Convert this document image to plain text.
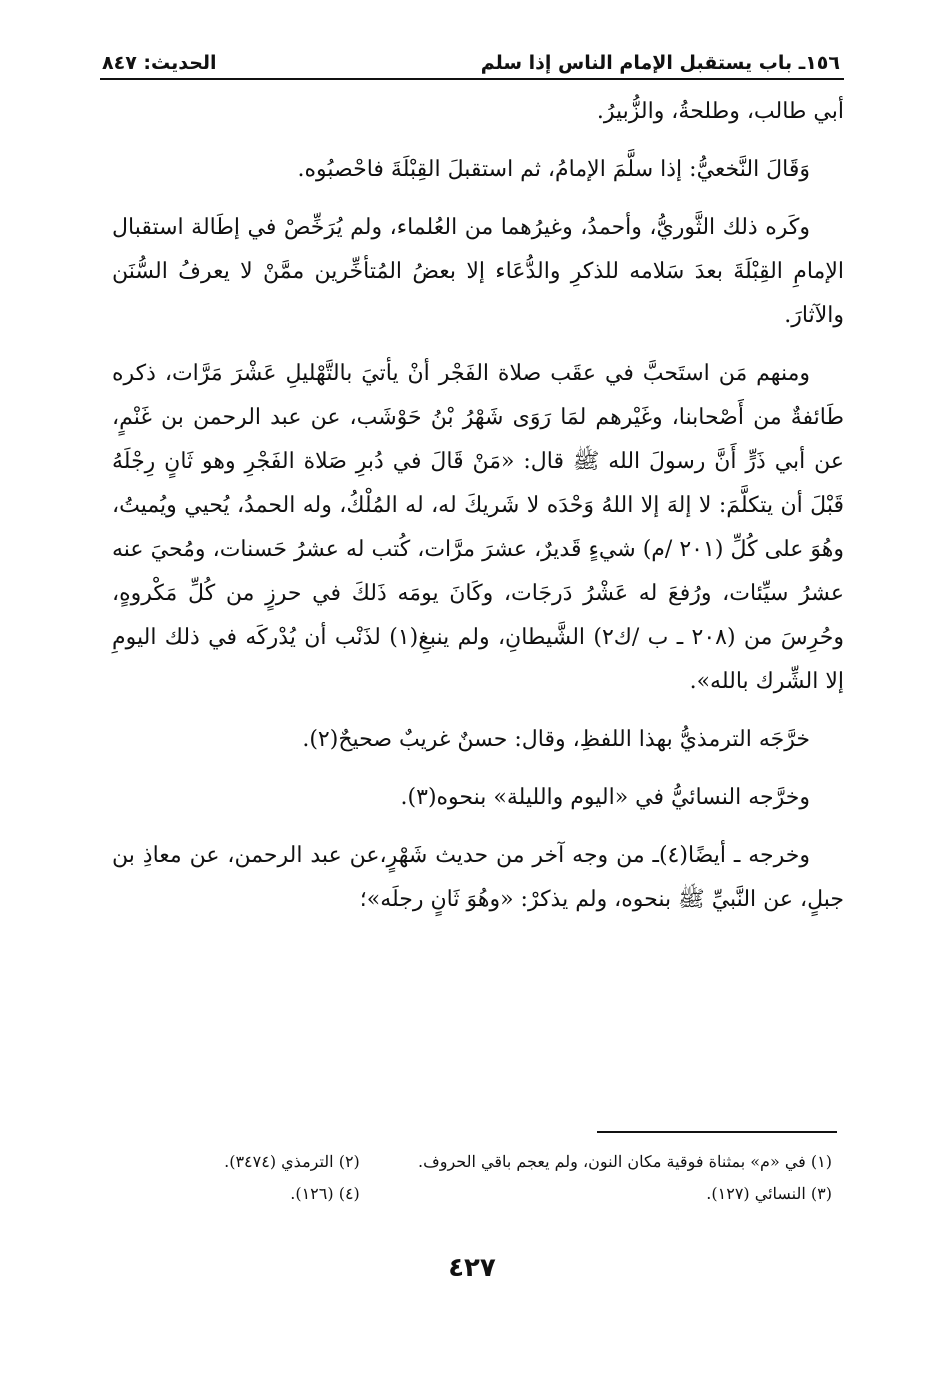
١٥٦ـ باب يستقبل الإمام الناس إذا سلم
الحديث: ٨٤٧

أبي طالب، وطلحةُ، والزُّبيرُ.

وَقَالَ النَّخعيُّ: إذا سلَّمَ الإمامُ، ثم استقبلَ القِبْلَةَ فاحْصبُوه.

وكَره ذلك الثَّوريُّ، وأحمدُ، وغيرُهما من العُلماء، ولم يُرَخِّصْ في إطَالة استقبال الإمامِ القِبْلَةَ بعدَ سَلامه للذكرِ والدُّعَاء إلا بعضُ المُتأخِّرين ممَّنْ لا يعرفُ السُّنَن والآثارَ.

ومنهم مَن استَحبَّ في عقَب صلاة الفَجْر أنْ يأتيَ بالتَّهْليلِ عَشْرَ مَرَّات، ذكره طَائفةٌ من أَصْحابنا، وغَيْرهم لمَا رَوَى شَهْرُ بْنُ حَوْشَب، عن عبد الرحمن بن غَنْمٍ، عن أبي ذَرٍّ أَنَّ رسولَ الله ﷺ قال: «مَنْ قَالَ في دُبرِ صَلاة الفَجْرِ وهو ثَانٍ رِجْلَهُ قَبْلَ أن يتكلَّمَ: لا إلهَ إلا اللهُ وَحْدَه لا شَريكَ له، له المُلْكُ، وله الحمدُ، يُحيي ويُميتُ، وهُوَ على كُلِّ (٢٠١ /م) شيءٍ قَديرٌ، عشرَ مرَّات، كُتب له عشرُ حَسنات، ومُحيَ عنه عشرُ سيِّئات، ورُفعَ له عَشْرُ دَرجَات، وكَانَ يومَه ذَلكَ في حرزٍ من كُلِّ مَكْروهٍ، وحُرِسَ من (٢٠٨ ـ ب /ك٢) الشَّيطانِ، ولم ينبغِ(١) لذَنْب أن يُدْركَه في ذلك اليومِ إلا الشِّرك بالله».

خرَّجَه الترمذيُّ بهذا اللفظِ، وقال: حسنٌ غريبٌ صحيحٌ(٢).

وخرَّجه النسائيُّ في «اليوم والليلة» بنحوه(٣).

وخرجه ـ أيضًا(٤)ـ من وجه آخر من حديث شَهْرٍ،عن عبد الرحمن، عن معاذِ بن جبلٍ، عن النَّبيِّ ﷺ بنحوه، ولم يذكرْ: «وهُوَ ثَانٍ رجلَه»؛

(١) في «م» بمثناة فوقية مكان النون، ولم يعجم باقي الحروف.
(٢) الترمذي (٣٤٧٤).
(٣) النسائي (١٢٧).
(٤) (١٢٦).
٤٢٧
